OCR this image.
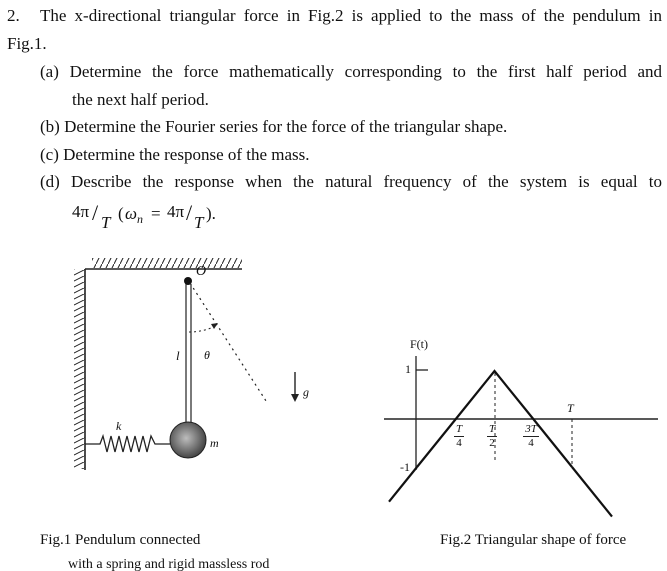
2. The x-directional triangular force in Fig.2 is applied to the mass of the pendulum in
Fig.1.
(a) Determine the force mathematically corresponding to the first half period and
the next half period.
(b) Determine the Fourier series for the force of the triangular shape.
(c) Determine the response of the mass.
(d) Describe the response when the natural frequency of the system is equal to
4π / T ( ω n = 4π / T ).
O
l θ
k
m
g
F(t)
1
-1
T
T
4
T
2
3T
4
Fig.1 Pendulum connected
with a spring and rigid massless rod
Fig.2 Triangular shape of force
